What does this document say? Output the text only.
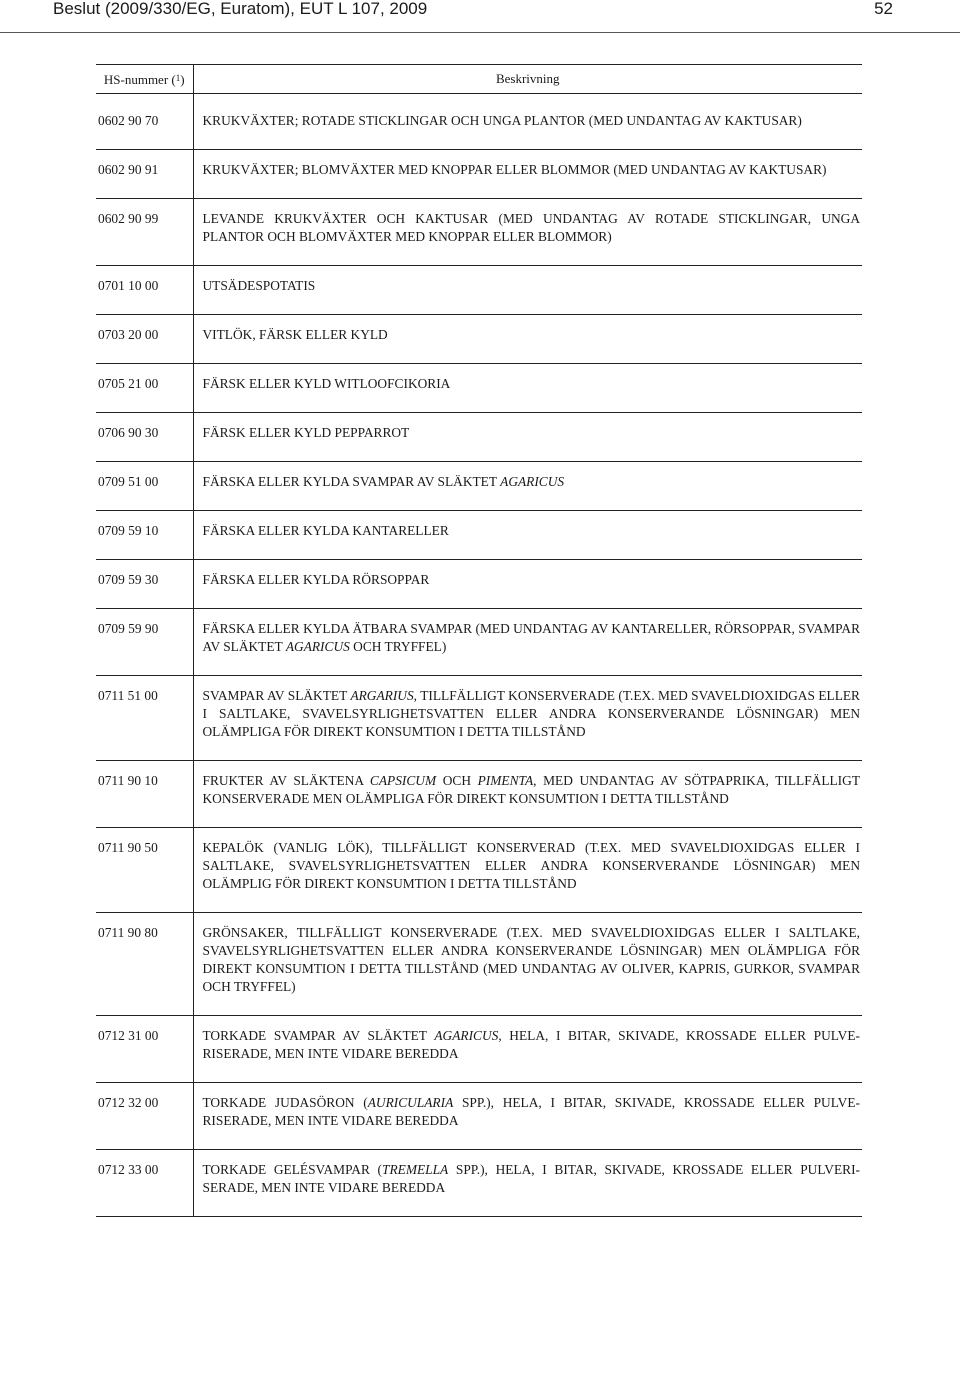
Beslut (2009/330/EG, Euratom), EUT L 107, 2009	52
HS-nummer ($^1$)	Beskrivning
0602 90 70	KRUKVÄXTER; ROTADE STICKLINGAR OCH UNGA PLANTOR (MED UNDANTAG AV KAKTUSAR)
0602 90 91	KRUKVÄXTER; BLOMVÄXTER MED KNOPPAR ELLER BLOMMOR (MED UNDANTAG AV KAKTUSAR)
0602 90 99	LEVANDE KRUKVÄXTER OCH KAKTUSAR (MED UNDANTAG AV ROTADE STICKLINGAR, UNGA PLANTOR OCH BLOMVÄXTER MED KNOPPAR ELLER BLOMMOR)
0701 10 00	UTSÄDESPOTATIS
0703 20 00	VITLÖK, FÄRSK ELLER KYLD
0705 21 00	FÄRSK ELLER KYLD WITLOOFCIKORIA
0706 90 30	FÄRSK ELLER KYLD PEPPARROT
0709 51 00	FÄRSKA ELLER KYLDA SVAMPAR AV SLÄKTET AGARICUS
0709 59 10	FÄRSKA ELLER KYLDA KANTARELLER
0709 59 30	FÄRSKA ELLER KYLDA RÖRSOPPAR
0709 59 90	FÄRSKA ELLER KYLDA ÄTBARA SVAMPAR (MED UNDANTAG AV KANTARELLER, RÖRSOPPAR, SVAMPAR AV SLÄKTET AGARICUS OCH TRYFFEL)
0711 51 00	SVAMPAR AV SLÄKTET ARGARIUS, TILLFÄLLIGT KONSERVERADE (T.EX. MED SVAVELDIOXIDGAS ELLER I SALTLAKE, SVAVELSYRLIGHETSVATTEN ELLER ANDRA KONSERVERANDE LÖSNINGAR) MEN OLÄMPLIGA FÖR DIREKT KONSUMTION I DETTA TILLSTÅND
0711 90 10	FRUKTER AV SLÄKTENA CAPSICUM OCH PIMENTA, MED UNDANTAG AV SÖTPAPRIKA, TILLFÄLLIGT KONSERVERADE MEN OLÄMPLIGA FÖR DIREKT KONSUMTION I DETTA TILLSTÅND
0711 90 50	KEPALÖK (VANLIG LÖK), TILLFÄLLIGT KONSERVERAD (T.EX. MED SVAVELDIOXIDGAS ELLER I SALTLAKE, SVAVELSYRLIGHETSVATTEN ELLER ANDRA KONSERVERANDE LÖSNINGAR) MEN OLÄMPLIG FÖR DIREKT KONSUMTION I DETTA TILLSTÅND
0711 90 80	GRÖNSAKER, TILLFÄLLIGT KONSERVERADE (T.EX. MED SVAVELDIOXIDGAS ELLER I SALTLAKE, SVAVELSYRLIGHETSVATTEN ELLER ANDRA KONSERVERANDE LÖSNINGAR) MEN OLÄMPLIGA FÖR DIREKT KONSUMTION I DETTA TILLSTÅND (MED UNDANTAG AV OLIVER, KAPRIS, GURKOR, SVAMPAR OCH TRYFFEL)
0712 31 00	TORKADE SVAMPAR AV SLÄKTET AGARICUS, HELA, I BITAR, SKIVADE, KROSSADE ELLER PULVERISERADE, MEN INTE VIDARE BEREDDA
0712 32 00	TORKADE JUDASÖRON (AURICULARIA SPP.), HELA, I BITAR, SKIVADE, KROSSADE ELLER PULVERISERADE, MEN INTE VIDARE BEREDDA
0712 33 00	TORKADE GELÉSVAMPAR (TREMELLA SPP.), HELA, I BITAR, SKIVADE, KROSSADE ELLER PULVERISERADE, MEN INTE VIDARE BEREDDA
